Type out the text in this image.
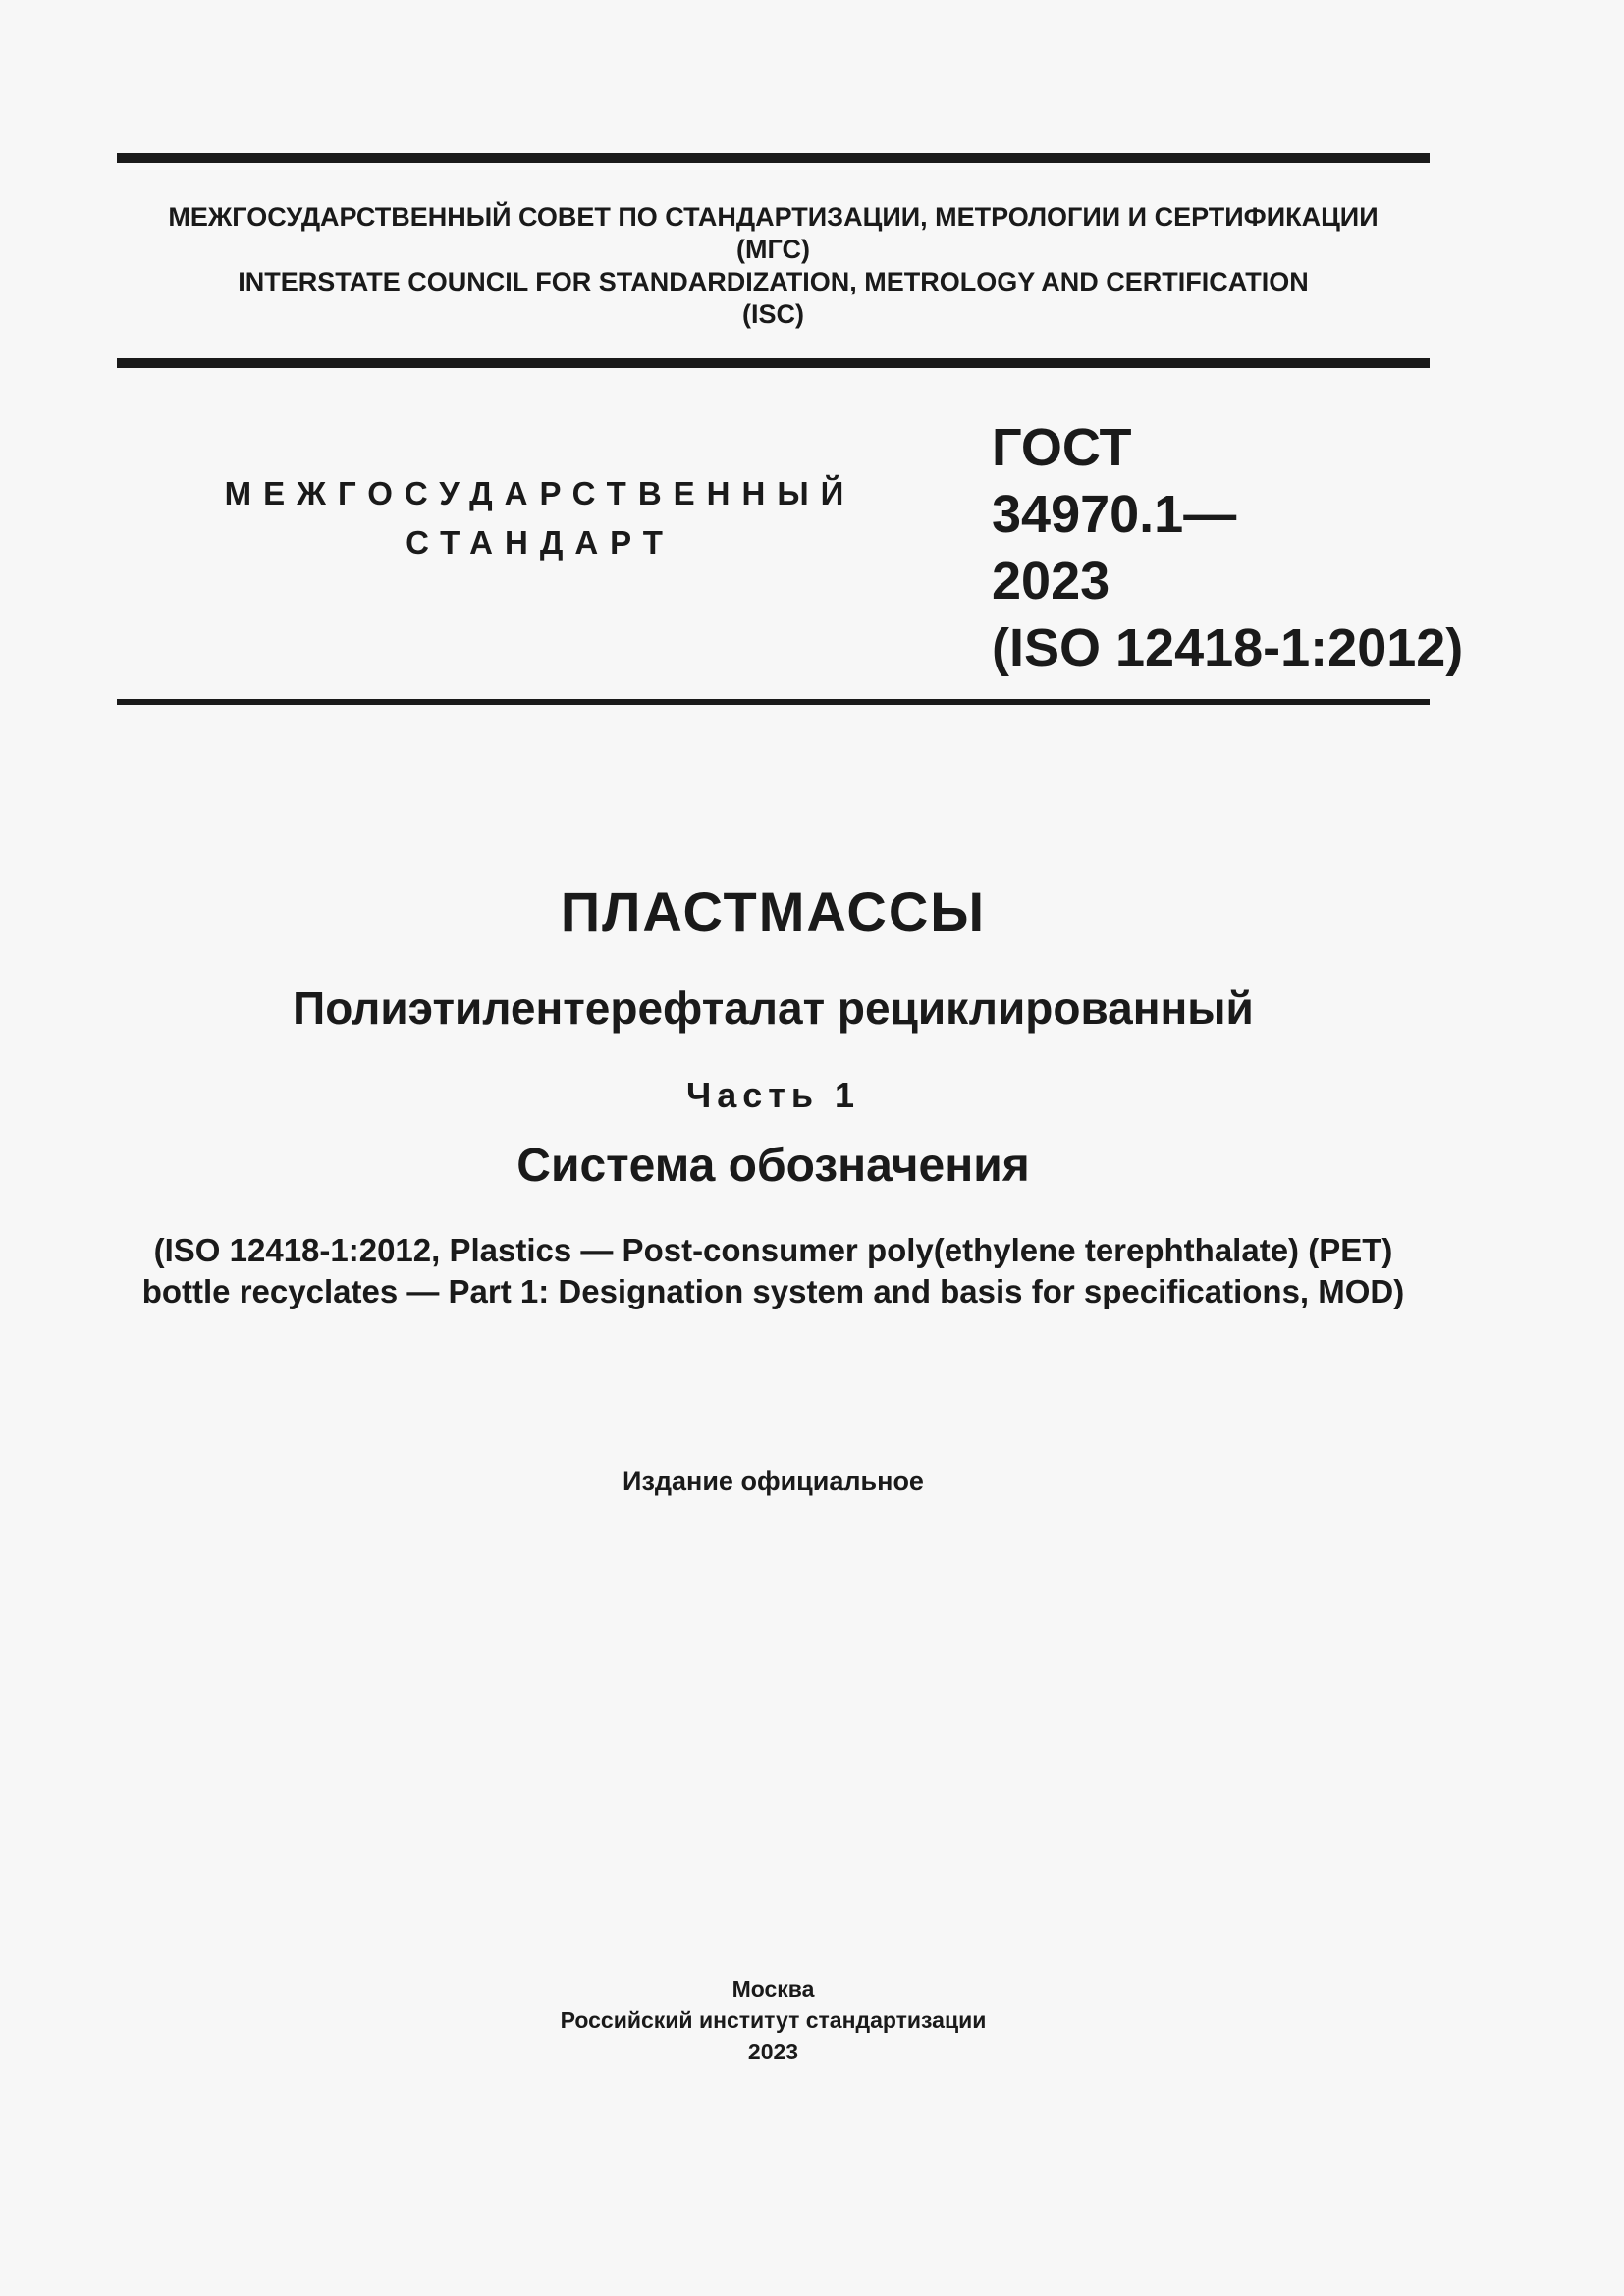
МЕЖГОСУДАРСТВЕННЫЙ СОВЕТ ПО СТАНДАРТИЗАЦИИ, МЕТРОЛОГИИ И СЕРТИФИКАЦИИ
(МГС)
INTERSTATE COUNCIL FOR STANDARDIZATION, METROLOGY AND CERTIFICATION
(ISC)
МЕЖГОСУДАРСТВЕННЫЙ
СТАНДАРТ
ГОСТ
34970.1—
2023
(ISO 12418-1:2012)
ПЛАСТМАССЫ
Полиэтилентерефталат рециклированный
Часть 1
Система обозначения
(ISO 12418-1:2012, Plastics — Post-consumer poly(ethylene terephthalate) (PET)
bottle recyclates — Part 1: Designation system and basis for specifications, MOD)
Издание официальное
Москва
Российский институт стандартизации
2023
